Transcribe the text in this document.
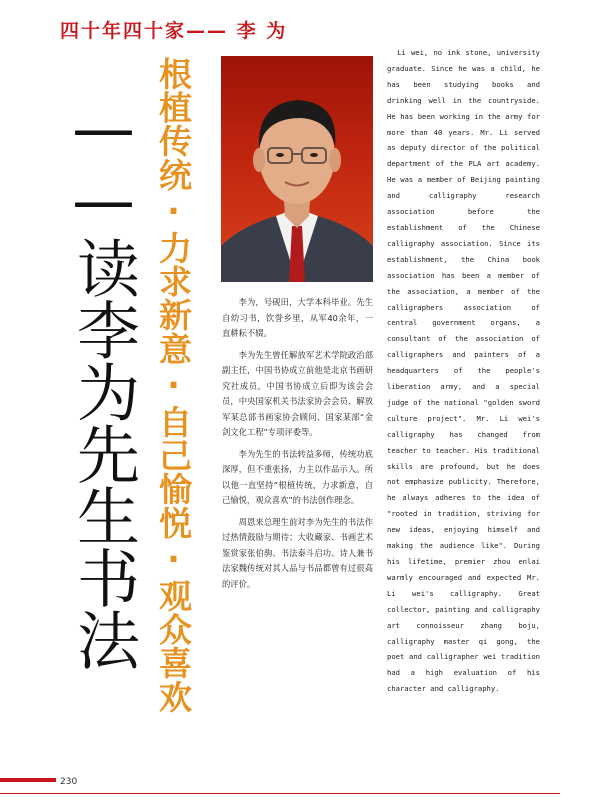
四十年四十家—— 李 为
——读李为先生书法 根植传统·力求新意·自己愉悦·观众喜欢	李为，号砚田，大学本科毕业。先生自幼习书，饮誉乡里，从军40余年，一直耕耘不辍。

李为先生曾任解放军艺术学院政治部副主任，中国书协成立前他是北京书画研究社成员，中国书协成立后即为该会会员，中央国家机关书法家协会会员、解放军某总部书画家协会顾问、国家某部“金剑文化工程”专项评委等。

李为先生的书法转益多师，传统功底深厚，但不重张扬，力主以作品示人。所以他一直坚持“根植传统，力求新意，自己愉悦，观众喜欢”的书法创作理念。

周恩来总理生前对李为先生的书法作过热情鼓励与期待；大收藏家、书画艺术鉴赏家张伯驹、书法泰斗启功、诗人兼书法家魏传统对其人品与书品都曾有过很高的评价。

Li wei, no ink stone, university graduate. Since he was a child, he has been studying books and drinking well in the countryside. He has been working in the army for more than 40 years. Mr. Li served as deputy director of the political department of the PLA art academy. He was a member of Beijing painting and calligraphy research association before the establishment of the Chinese calligraphy association. Since its establishment, the China book association has been a member of the association, a member of the calligraphers association of central government organs, a consultant of the association of calligraphers and painters of a headquarters of the people's liberation army, and a special judge of the national "golden sword culture project". Mr. Li wei's calligraphy has changed from teacher to teacher. His traditional skills are profound, but he does not emphasize publicity. Therefore, he always adheres to the idea of "rooted in tradition, striving for new ideas, enjoying himself and making the audience like". During his lifetime, premier zhou enlai warmly encouraged and expected Mr. Li wei's calligraphy. Great collector, painting and calligraphy art connoisseur zhang boju, calligraphy master qi gong, the poet and calligrapher wei tradition had a high evaluation of his character and calligraphy.

230
